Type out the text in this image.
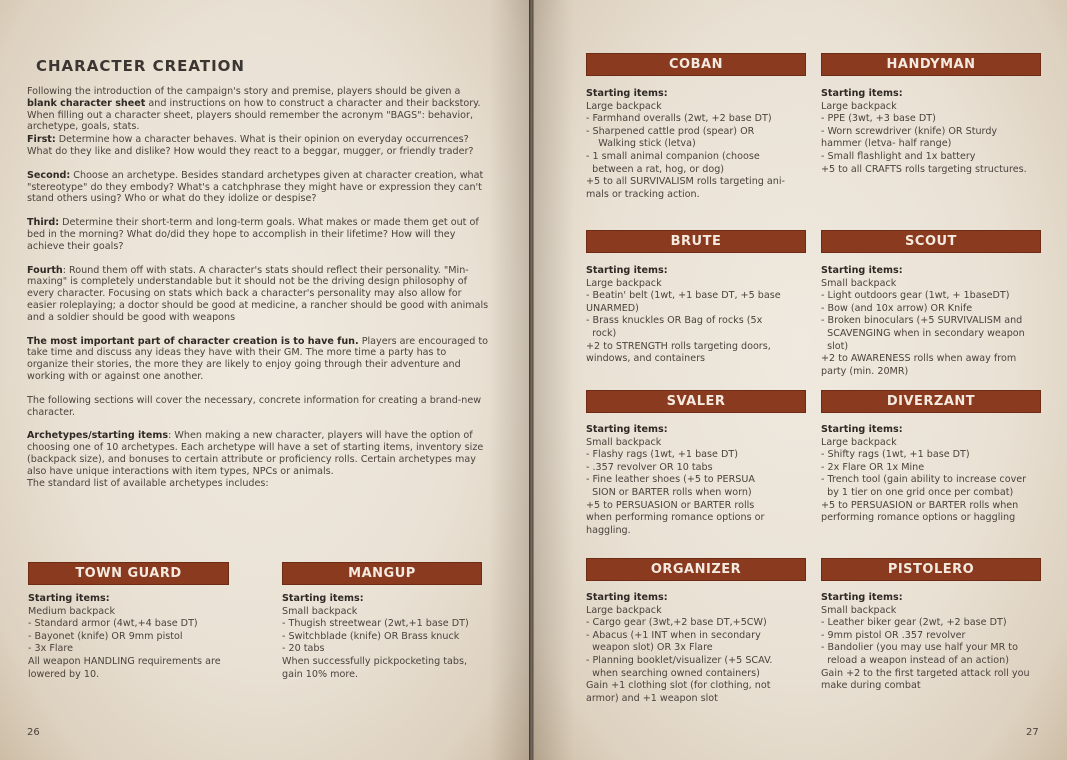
CHARACTER CREATION

Following the introduction of the campaign's story and premise, players should be given a blank character sheet and instructions on how to construct a character and their backstory. When filling out a character sheet, players should remember the acronym "BAGS": behavior, archetype, goals, stats.

First: Determine how a character behaves. What is their opinion on everyday occurrences? What do they like and dislike? How would they react to a beggar, mugger, or friendly trader?

Second: Choose an archetype. Besides standard archetypes given at character creation, what "stereotype" do they embody? What's a catchphrase they might have or expression they can't stand others using? Who or what do they idolize or despise?

Third: Determine their short-term and long-term goals. What makes or made them get out of bed in the morning? What do/did they hope to accomplish in their lifetime? How will they achieve their goals?

Fourth: Round them off with stats. A character's stats should reflect their personality. "Min-maxing" is completely understandable but it should not be the driving design philosophy of every character. Focusing on stats which back a character's personality may also allow for easier roleplaying; a doctor should be good at medicine, a rancher should be good with animals and a soldier should be good with weapons

The most important part of character creation is to have fun. Players are encouraged to take time and discuss any ideas they have with their GM. The more time a party has to organize their stories, the more they are likely to enjoy going through their adventure and working with or against one another.

The following sections will cover the necessary, concrete information for creating a brand-new character.

Archetypes/starting items: When making a new character, players will have the option of choosing one of 10 archetypes. Each archetype will have a set of starting items, inventory size (backpack size), and bonuses to certain attribute or proficiency rolls. Certain archetypes may also have unique interactions with item types, NPCs or animals.

The standard list of available archetypes includes:

TOWN GUARD
Starting items:
Medium backpack
- Standard armor (4wt,+4 base DT)
- Bayonet (knife) OR 9mm pistol
- 3x Flare
All weapon HANDLING requirements are
lowered by 10.
MANGUP
Starting items:
Small backpack
- Thugish streetwear (2wt,+1 base DT)
- Switchblade (knife) OR Brass knuck
- 20 tabs
When successfully pickpocketing tabs,
gain 10% more.
26
COBAN
Starting items:
Large backpack
- Farmhand overalls (2wt, +2 base DT)
- Sharpened cattle prod (spear) OR
Walking stick (letva)
- 1 small animal companion (choose
between a rat, hog, or dog)
+5 to all SURVIVALISM rolls targeting ani-
mals or tracking action.
HANDYMAN
Starting items:
Large backpack
- PPE (3wt, +3 base DT)
- Worn screwdriver (knife) OR Sturdy
hammer (letva- half range)
- Small flashlight and 1x battery
+5 to all CRAFTS rolls targeting structures.
BRUTE
Starting items:
Large backpack
- Beatin' belt (1wt, +1 base DT, +5 base
UNARMED)
- Brass knuckles OR Bag of rocks (5x
rock)
+2 to STRENGTH rolls targeting doors,
windows, and containers
SCOUT
Starting items:
Small backpack
- Light outdoors gear (1wt, + 1baseDT)
- Bow (and 10x arrow) OR Knife
- Broken binoculars (+5 SURVIVALISM and
SCAVENGING when in secondary weapon
slot)
+2 to AWARENESS rolls when away from
party (min. 20MR)
SVALER
Starting items:
Small backpack
- Flashy rags (1wt, +1 base DT)
- .357 revolver OR 10 tabs
- Fine leather shoes (+5 to PERSUA
SION or BARTER rolls when worn)
+5 to PERSUASION or BARTER rolls
when performing romance options or
haggling.
DIVERZANT
Starting items:
Large backpack
- Shifty rags (1wt, +1 base DT)
- 2x Flare OR 1x Mine
- Trench tool (gain ability to increase cover
by 1 tier on one grid once per combat)
+5 to PERSUASION or BARTER rolls when
performing romance options or haggling
ORGANIZER
Starting items:
Large backpack
- Cargo gear (3wt,+2 base DT,+5CW)
- Abacus (+1 INT when in secondary
weapon slot) OR 3x Flare
- Planning booklet/visualizer (+5 SCAV.
when searching owned containers)
Gain +1 clothing slot (for clothing, not
armor) and +1 weapon slot
PISTOLERO
Starting items:
Small backpack
- Leather biker gear (2wt, +2 base DT)
- 9mm pistol OR .357 revolver
- Bandolier (you may use half your MR to
reload a weapon instead of an action)
Gain +2 to the first targeted attack roll you
make during combat
27
